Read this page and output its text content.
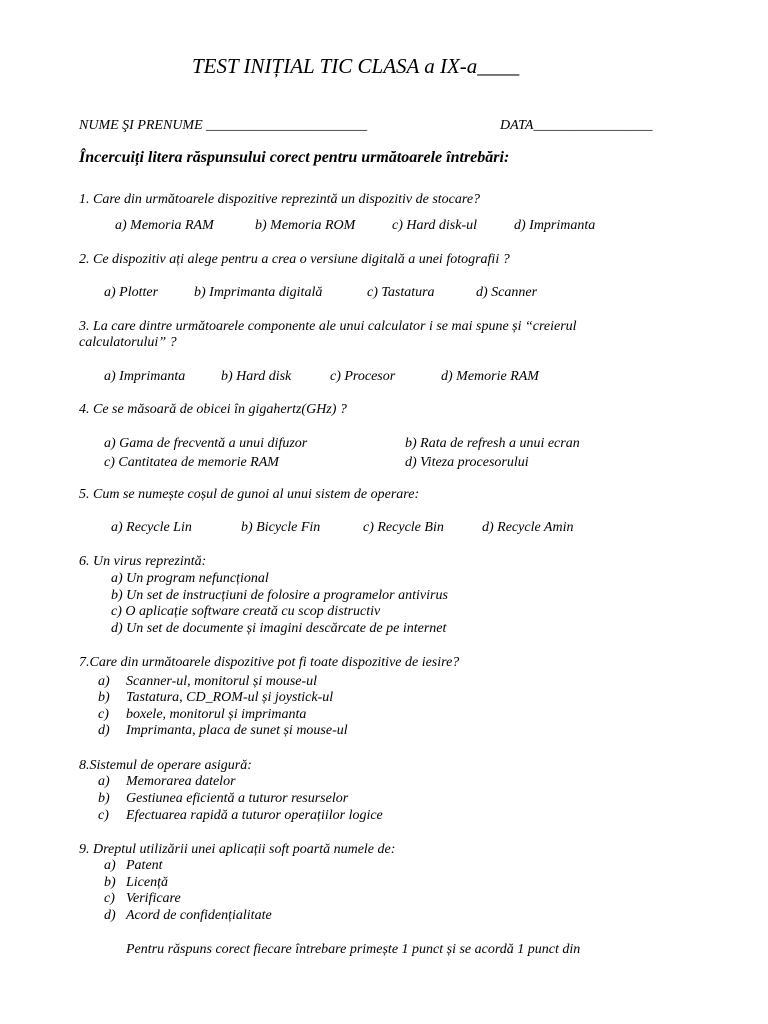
TEST INIȚIAL TIC CLASA a IX-a____
NUME ŞI PRENUME _______________________	DATA_________________
Încercuiți litera răspunsului corect pentru următoarele întrebări:
1. Care din următoarele dispozitive reprezintă un dispozitiv de stocare?
a) Memoria RAM	b) Memoria ROM	c) Hard disk-ul	d) Imprimanta
2. Ce dispozitiv ați alege pentru a crea o versiune digitală a unei fotografii ?
a) Plotter	b) Imprimanta digitală	c) Tastatura	d) Scanner
3. La care dintre următoarele componente ale unui calculator i se mai spune și “creierul
calculatorului” ?
a) Imprimanta	b) Hard disk	c) Procesor	d) Memorie RAM
4. Ce se măsoară de obicei în gigahertz(GHz) ?
a) Gama de frecventă a unui difuzor	b) Rata de refresh a unui ecran
c) Cantitatea de memorie RAM	d) Viteza procesorului
5. Cum se numește coșul de gunoi al unui sistem de operare:
a) Recycle Lin	b) Bicycle Fin	c) Recycle Bin	d) Recycle Amin
6. Un virus reprezintă:
a) Un program nefuncțional
b) Un set de instrucțiuni de folosire a programelor antivirus
c) O aplicație software creată cu scop distructiv
d) Un set de documente și imagini descărcate de pe internet
7.Care din următoarele dispozitive pot fi toate dispozitive de iesire?
a) Scanner-ul, monitorul și mouse-ul
b) Tastatura, CD_ROM-ul și joystick-ul
c) boxele, monitorul și imprimanta
d) Imprimanta, placa de sunet și mouse-ul
8.Sistemul de operare asigură:
a) Memorarea datelor
b) Gestiunea eficientă a tuturor resurselor
c) Efectuarea rapidă a tuturor operațiilor logice
9. Dreptul utilizării unei aplicații soft poartă numele de:
a) Patent
b) Licență
c) Verificare
d) Acord de confidențialitate
Pentru răspuns corect fiecare întrebare primește 1 punct și se acordă 1 punct din
